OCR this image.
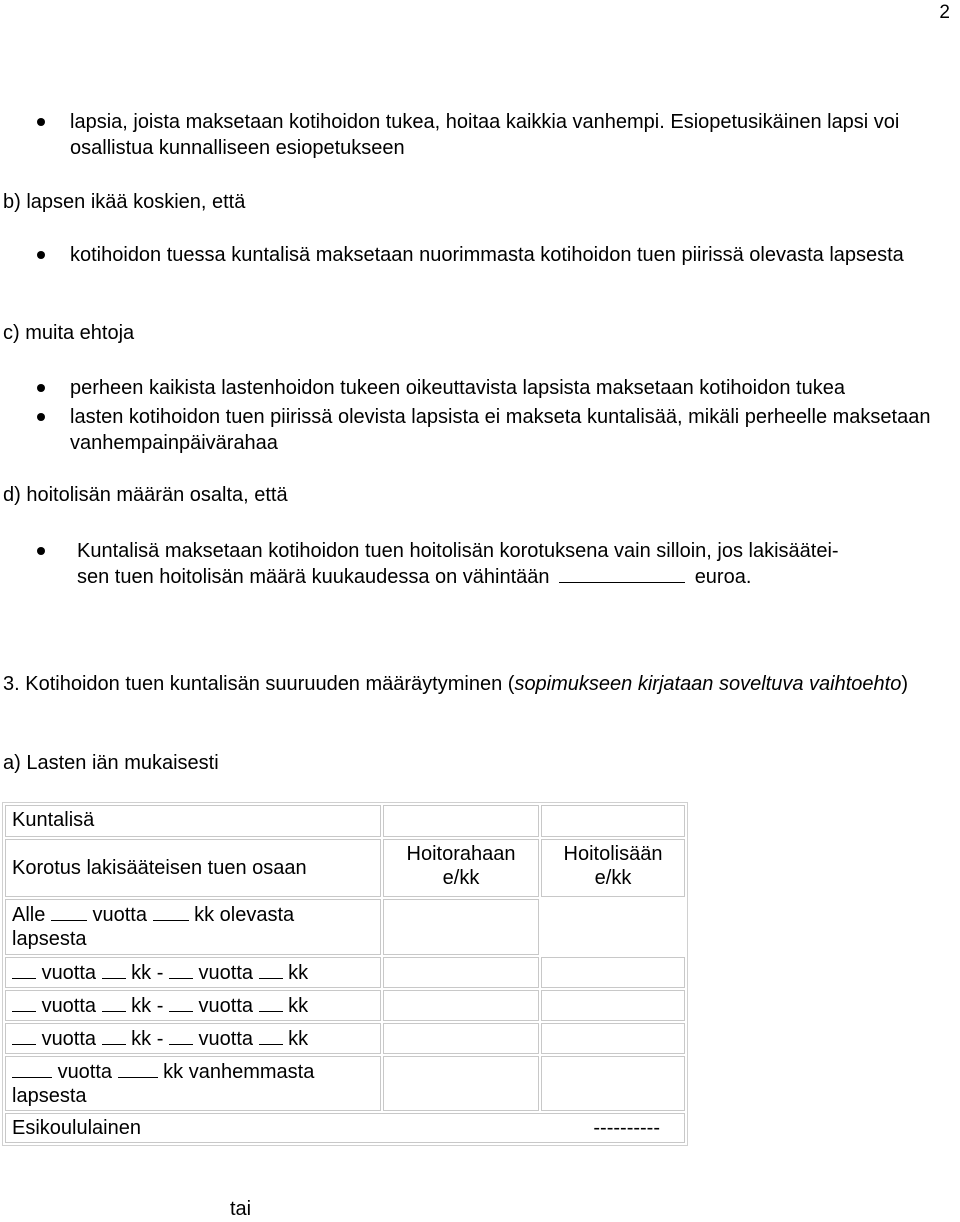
2
lapsia, joista maksetaan kotihoidon tukea, hoitaa kaikkia vanhempi. Esiopetusikäinen lapsi voi osallistua kunnalliseen esiopetukseen
b) lapsen ikää koskien, että
kotihoidon tuessa kuntalisä maksetaan nuorimmasta kotihoidon tuen piirissä olevasta lapsesta
c) muita ehtoja
perheen kaikista lastenhoidon tukeen oikeuttavista lapsista maksetaan kotihoidon tukea
lasten kotihoidon tuen piirissä olevista lapsista ei makseta kuntalisää, mikäli perheelle maksetaan vanhempainpäivärahaa
d) hoitolisän määrän osalta, että
Kuntalisä maksetaan kotihoidon tuen hoitolisän korotuksena vain silloin, jos lakisäätei-
sen tuen hoitolisän määrä kuukaudessa on vähintään	euroa.
3. Kotihoidon tuen kuntalisän suuruuden määräytyminen (sopimukseen kirjataan soveltuva vaihtoehto)
a) Lasten iän mukaisesti
Kuntalisä		
Korotus lakisääteisen tuen osaan	Hoitorahaan e/kk	Hoitolisään e/kk
Alle vuotta kk olevasta
lapsesta		
vuotta kk - vuotta kk		
vuotta kk - vuotta kk		
vuotta kk - vuotta kk		
vuotta kk vanhemmasta
lapsesta		
Esikoululainen ----------		
tai
